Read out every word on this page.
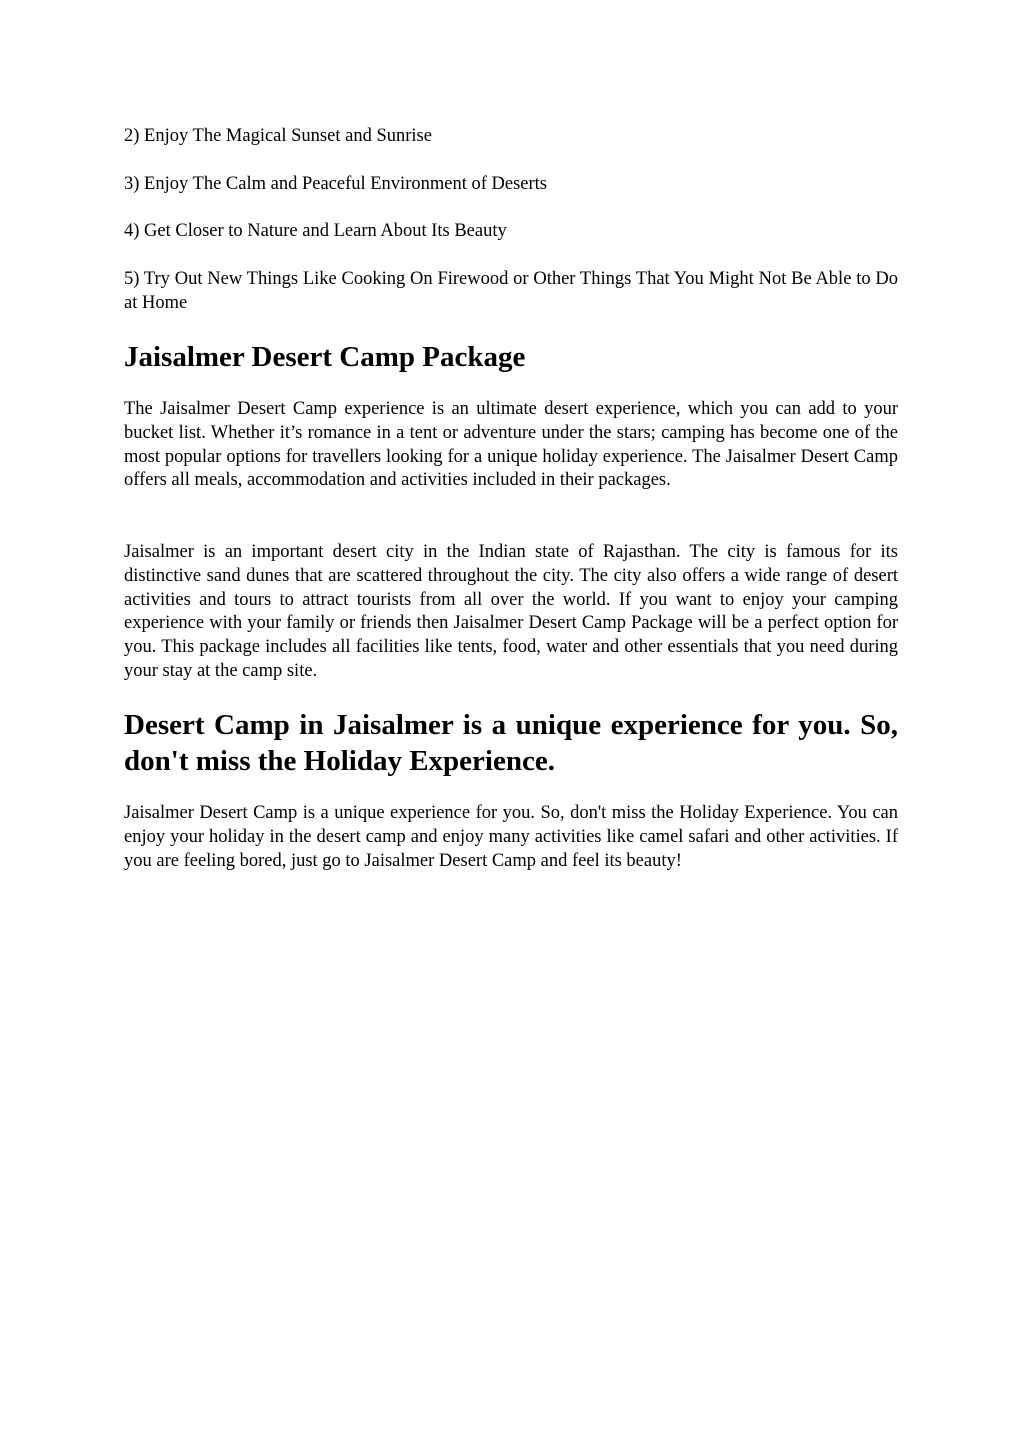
2) Enjoy The Magical Sunset and Sunrise

3) Enjoy The Calm and Peaceful Environment of Deserts

4) Get Closer to Nature and Learn About Its Beauty

5) Try Out New Things Like Cooking On Firewood or Other Things That You Might Not Be Able to Do at Home

Jaisalmer Desert Camp Package

The Jaisalmer Desert Camp experience is an ultimate desert experience, which you can add to your bucket list. Whether it’s romance in a tent or adventure under the stars; camping has become one of the most popular options for travellers looking for a unique holiday experience. The Jaisalmer Desert Camp offers all meals, accommodation and activities included in their packages.

Jaisalmer is an important desert city in the Indian state of Rajasthan. The city is famous for its distinctive sand dunes that are scattered throughout the city. The city also offers a wide range of desert activities and tours to attract tourists from all over the world. If you want to enjoy your camping experience with your family or friends then Jaisalmer Desert Camp Package will be a perfect option for you. This package includes all facilities like tents, food, water and other essentials that you need during your stay at the camp site.

Desert Camp in Jaisalmer is a unique experience for you. So, don't miss the Holiday Experience.

Jaisalmer Desert Camp is a unique experience for you. So, don't miss the Holiday Experience. You can enjoy your holiday in the desert camp and enjoy many activities like camel safari and other activities. If you are feeling bored, just go to Jaisalmer Desert Camp and feel its beauty!
